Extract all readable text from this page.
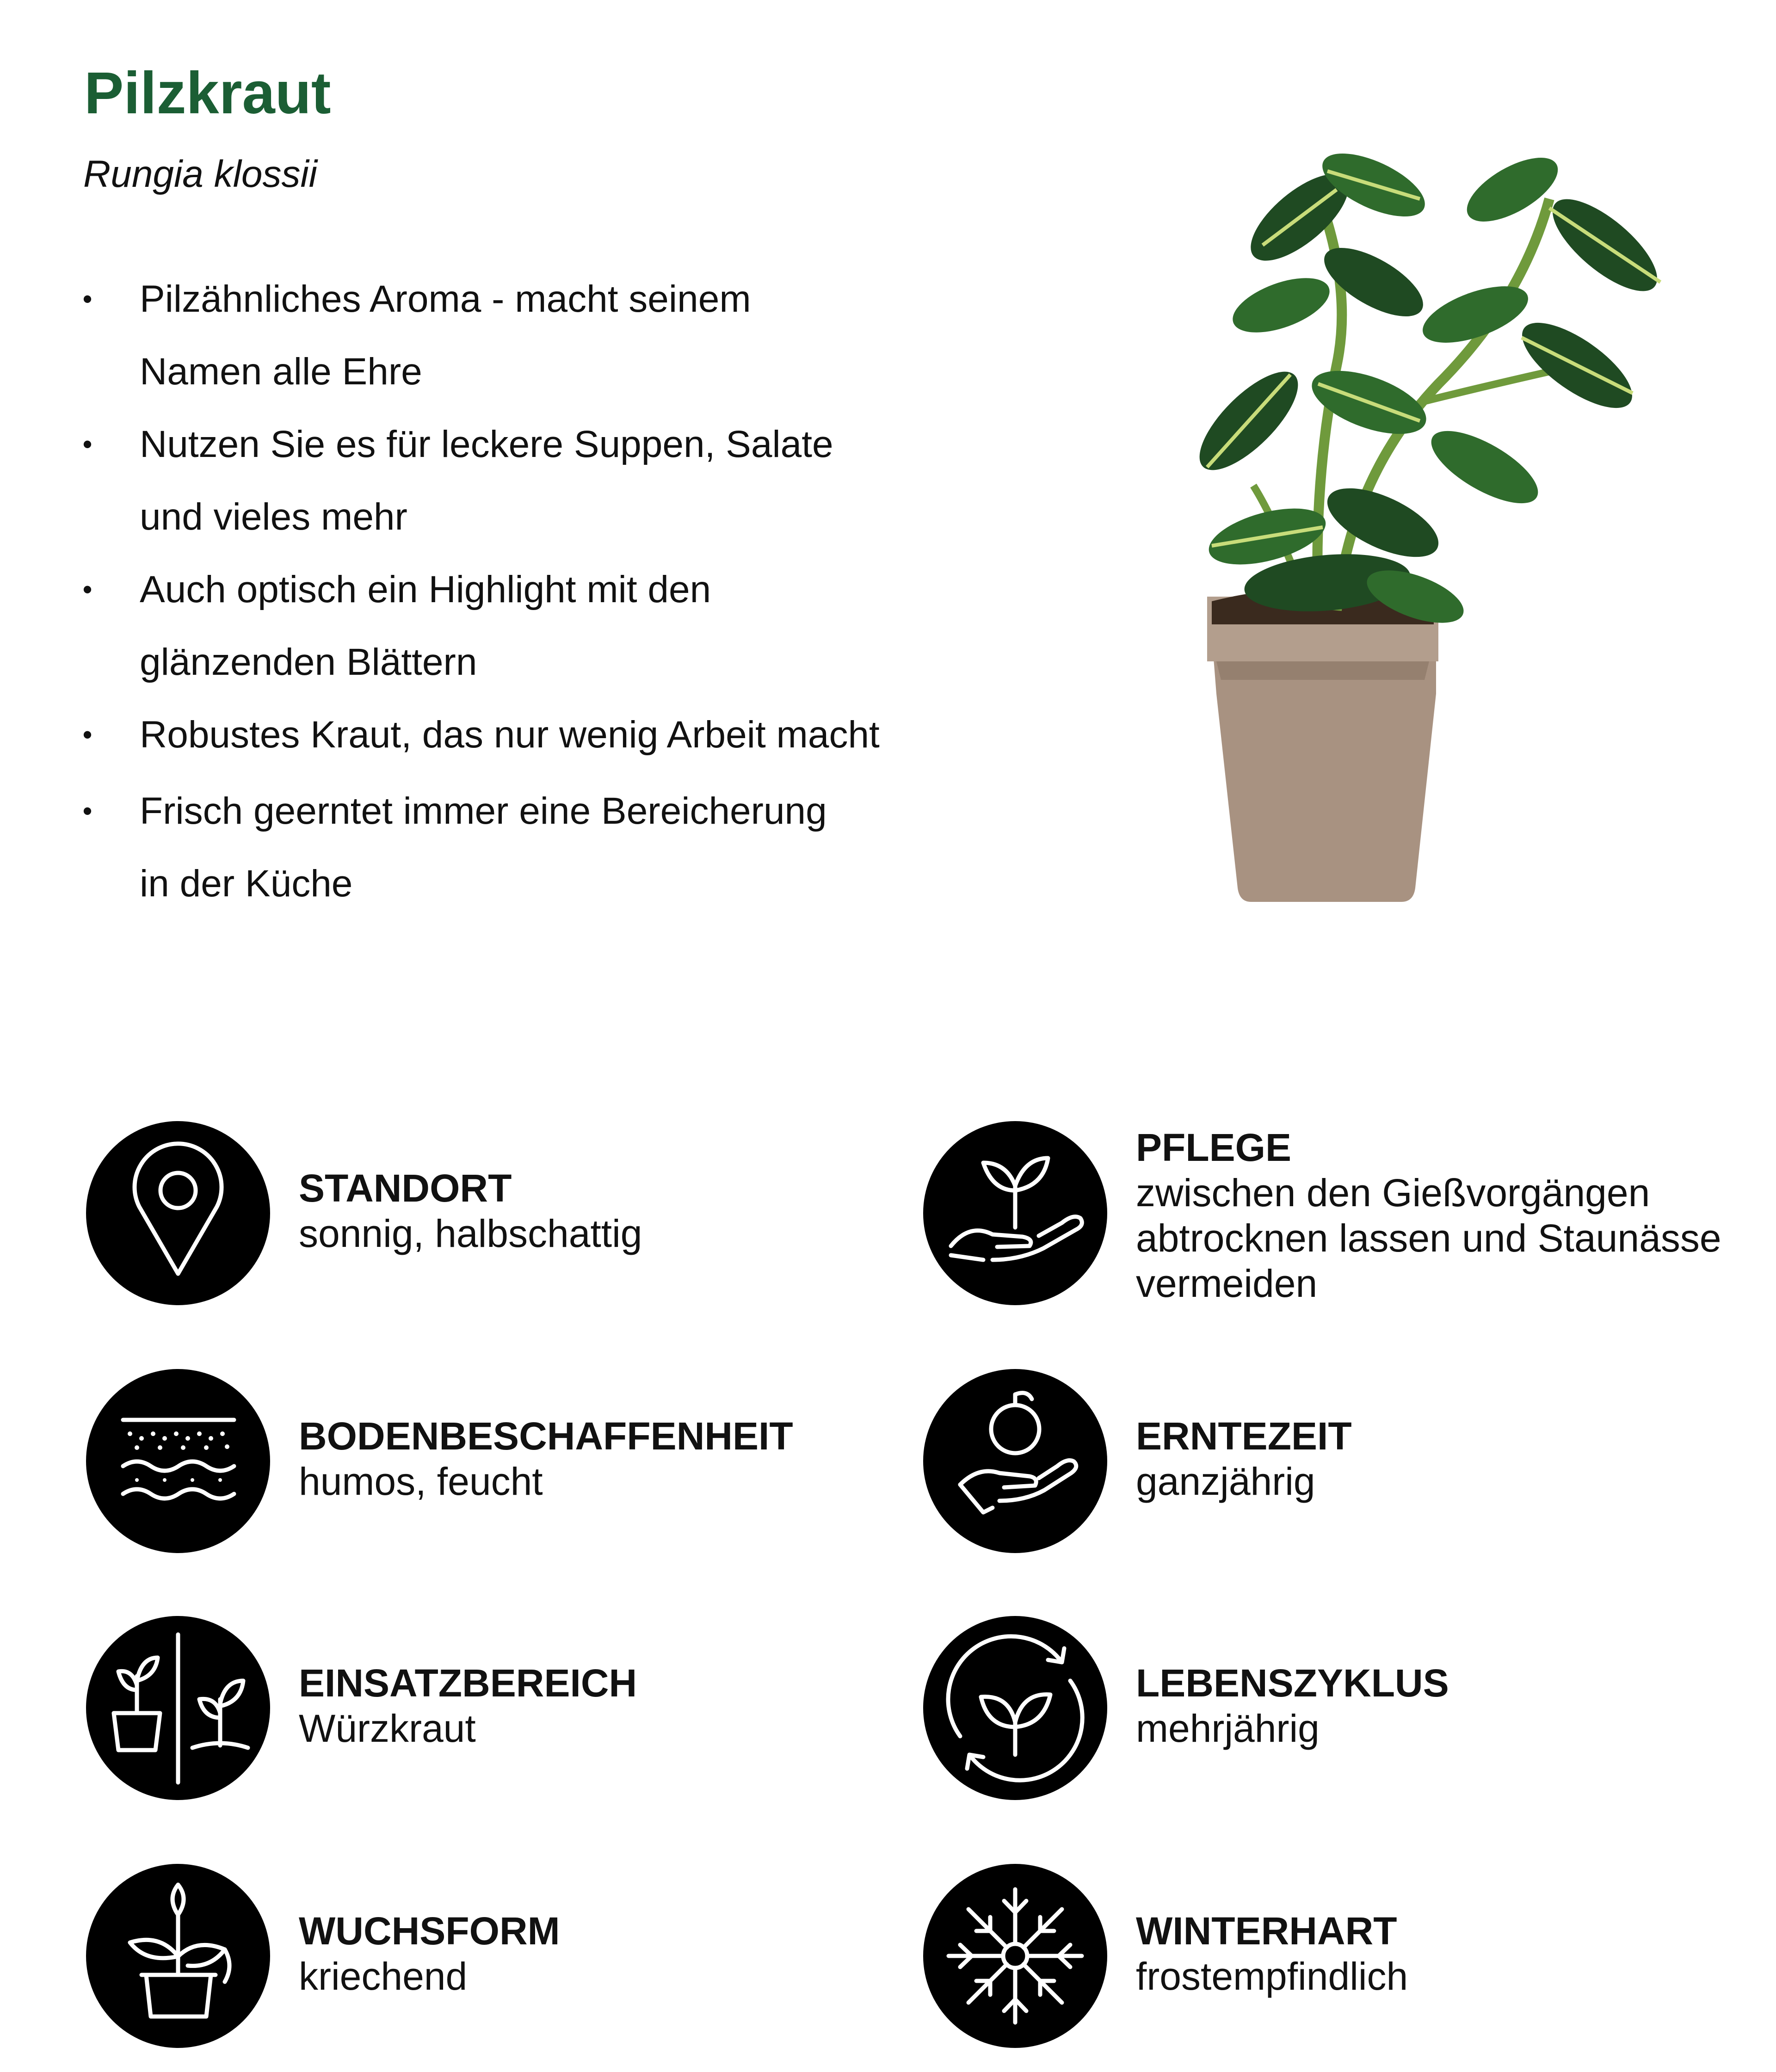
Pilzkraut

Rungia klossii

• Pilzähnliches Aroma - macht seinem
Namen alle Ehre
• Nutzen Sie es für leckere Suppen, Salate
und vieles mehr
• Auch optisch ein Highlight mit den
glänzenden Blättern
• Robustes Kraut, das nur wenig Arbeit macht
• Frisch geerntet immer eine Bereicherung
in der Küche
STANDORT
sonnig, halbschattig
PFLEGE
zwischen den Gießvorgängen
abtrocknen lassen und Staunässe
vermeiden
BODENBESCHAFFENHEIT
humos, feucht
ERNTEZEIT
ganzjährig
EINSATZBEREICH
Würzkraut
LEBENSZYKLUS
mehrjährig
WUCHSFORM
kriechend
WINTERHART
frostempfindlich
